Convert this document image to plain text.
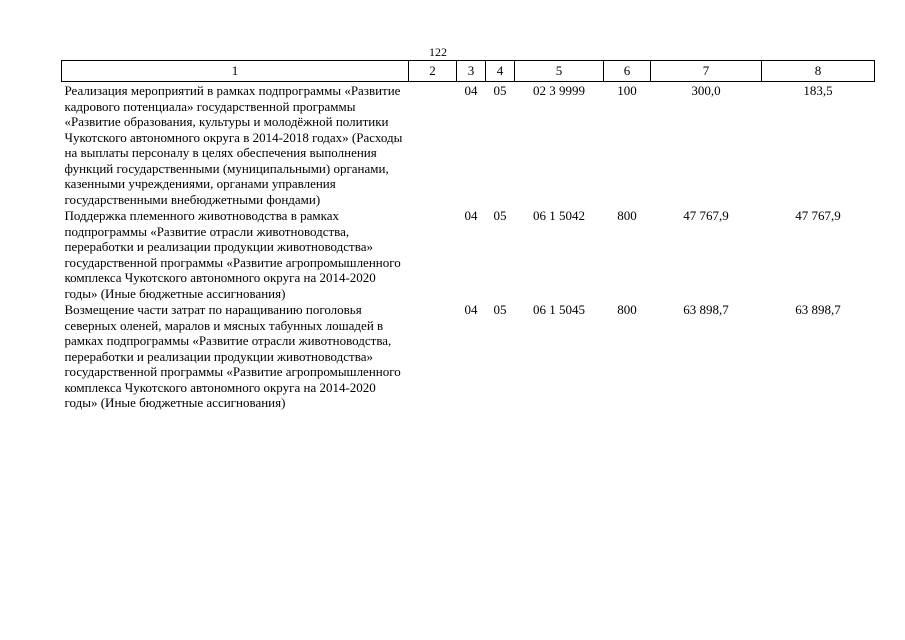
122
1	2	3	4	5	6	7	8
Реализация мероприятий в рамках подпрограммы «Развитие кадрового потенциала» государственной программы «Развитие образования, культуры и молодёжной политики Чукотского автономного округа в 2014-2018 годах» (Расходы на выплаты персоналу в целях обеспечения выполнения функций государственными (муниципальными) органами, казенными учреждениями, органами управления государственными внебюджетными фондами)		04	05	02 3 9999	100	300,0	183,5
Поддержка племенного животноводства в рамках подпрограммы «Развитие отрасли животноводства, переработки и реализации продукции животноводства» государственной программы «Развитие агропромышленного комплекса Чукотского автономного округа на 2014-2020 годы» (Иные бюджетные ассигнования)		04	05	06 1 5042	800	47 767,9	47 767,9
Возмещение части затрат по наращиванию поголовья северных оленей, маралов и мясных табунных лошадей в рамках подпрограммы «Развитие отрасли животноводства, переработки и реализации продукции животноводства» государственной программы «Развитие агропромышленного комплекса Чукотского автономного округа на 2014-2020 годы» (Иные бюджетные ассигнования)		04	05	06 1 5045	800	63 898,7	63 898,7
